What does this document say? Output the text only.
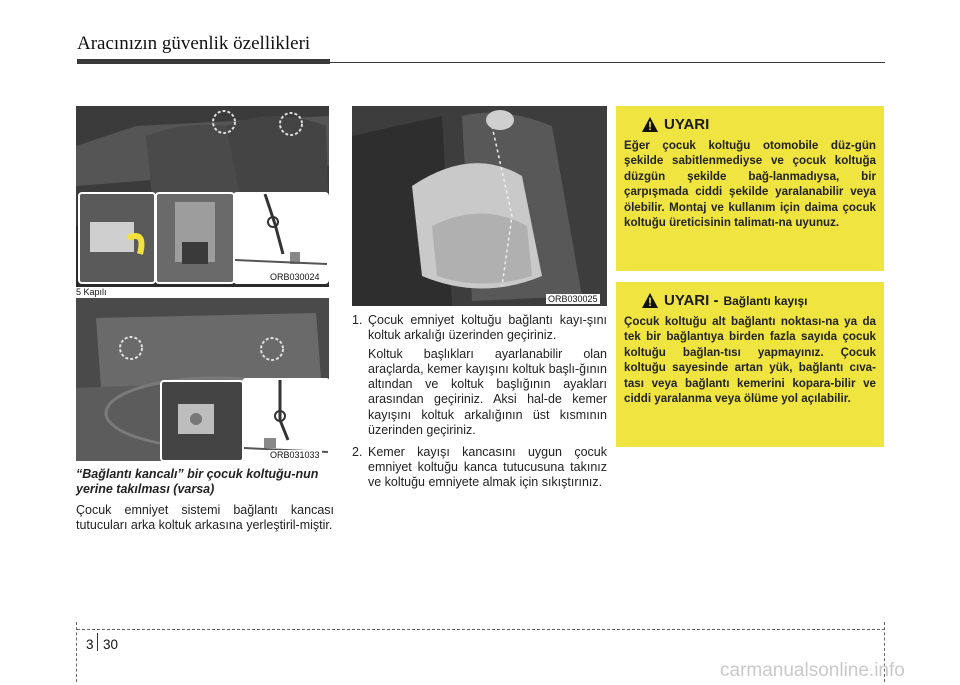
Aracınızın güvenlik özellikleri
ORB030024
5 Kapılı
ORB031033
ORB030025
“Bağlantı kancalı” bir çocuk koltuğu-nun yerine takılması (varsa)
Çocuk emniyet sistemi bağlantı kancası tutucuları arka koltuk arkasına yerleştiril-miştir.
1. Çocuk emniyet koltuğu bağlantı kayı-şını koltuk arkalığı üzerinden geçiriniz.

Koltuk başlıkları ayarlanabilir olan araçlarda, kemer kayışını koltuk başlı-ğının altından ve koltuk başlığının ayakları arasından geçiriniz. Aksi hal-de kemer kayışını koltuk arkalığının üst kısmının üzerinden geçiriniz.

2. Kemer kayışı kancasını uygun çocuk emniyet koltuğu kanca tutucusuna takınız ve koltuğu emniyete almak için sıkıştırınız.

UYARI
Eğer çocuk koltuğu otomobile düz-gün şekilde sabitlenmediyse ve çocuk koltuğa düzgün şekilde bağ-lanmadıysa, bir çarpışmada ciddi şekilde yaralanabilir veya ölebilir. Montaj ve kullanım için daima çocuk koltuğu üreticisinin talimatı-na uyunuz.
UYARI - Bağlantı kayışı
Çocuk koltuğu alt bağlantı noktası-na ya da tek bir bağlantıya birden fazla sayıda çocuk koltuğu bağlan-tısı yapmayınız. Çocuk koltuğu sayesinde artan yük, bağlantı cıva-tası veya bağlantı kemerini kopara-bilir ve ciddi yaralanma veya ölüme yol açılabilir.
3 30
carmanualsonline.info
